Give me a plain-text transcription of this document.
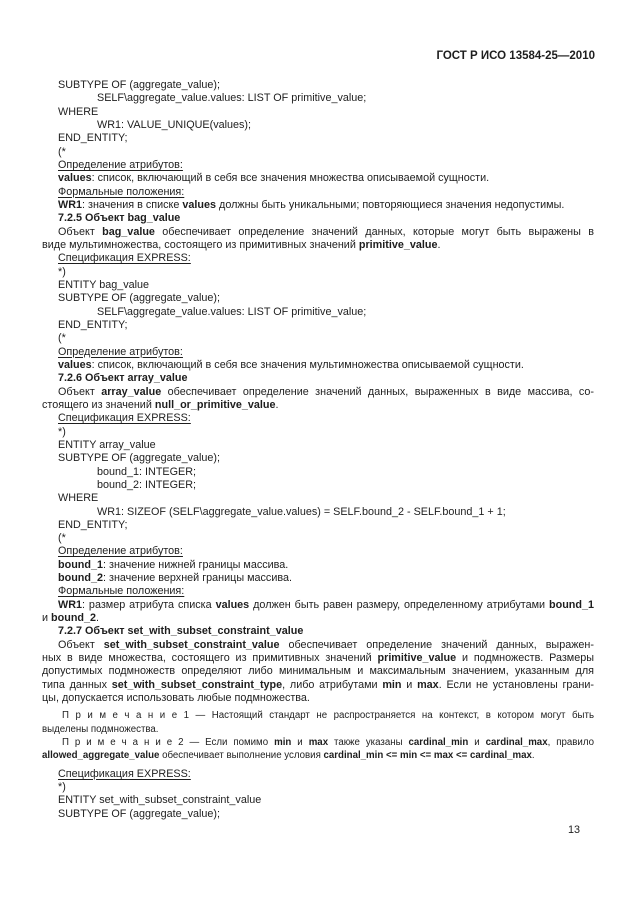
ГОСТ Р ИСО 13584-25—2010
SUBTYPE OF (aggregate_value);
SELF\aggregate_value.values: LIST OF primitive_value;
WHERE
WR1: VALUE_UNIQUE(values);
END_ENTITY;
(*
Определение атрибутов:
values: список, включающий в себя все значения множества описываемой сущности.
Формальные положения:
WR1: значения в списке values должны быть уникальными; повторяющиеся значения недопустимы.
7.2.5 Объект bag_value
Объект bag_value обеспечивает определение значений данных, которые могут быть выражены в
виде мультимножества, состоящего из примитивных значений primitive_value.
Спецификация EXPRESS:
*)
ENTITY bag_value
SUBTYPE OF (aggregate_value);
SELF\aggregate_value.values: LIST OF primitive_value;
END_ENTITY;
(*
Определение атрибутов:
values: список, включающий в себя все значения мультимножества описываемой сущности.
7.2.6 Объект array_value
Объект array_value обеспечивает определение значений данных, выраженных в виде массива, со-
стоящего из значений null_or_primitive_value.
Спецификация EXPRESS:
*)
ENTITY array_value
SUBTYPE OF (aggregate_value);
bound_1: INTEGER;
bound_2: INTEGER;
WHERE
WR1: SIZEOF (SELF\aggregate_value.values) = SELF.bound_2 - SELF.bound_1 + 1;
END_ENTITY;
(*
Определение атрибутов:
bound_1: значение нижней границы массива.
bound_2: значение верхней границы массива.
Формальные положения:
WR1: размер атрибута списка values должен быть равен размеру, определенному атрибутами bound_1
и bound_2.
7.2.7 Объект set_with_subset_constraint_value
Объект set_with_subset_constraint_value обеспечивает определение значений данных, выражен-
ных в виде множества, состоящего из примитивных значений primitive_value и подмножеств. Размеры
допустимых подмножеств определяют либо минимальным и максимальным значением, указанным для
типа данных set_with_subset_constraint_type, либо атрибутами min и max. Если не установлены грани-
цы, допускается использовать любые подмножества.
П р и м е ч а н и е 1 — Настоящий стандарт не распространяется на контекст, в котором могут быть
выделены подмножества.
П р и м е ч а н и е 2 — Если помимо min и max также указаны cardinal_min и cardinal_max, правило
allowed_aggregate_value обеспечивает выполнение условия cardinal_min <= min <= max <= cardinal_max.
Спецификация EXPRESS:
*)
ENTITY set_with_subset_constraint_value
SUBTYPE OF (aggregate_value);
13
